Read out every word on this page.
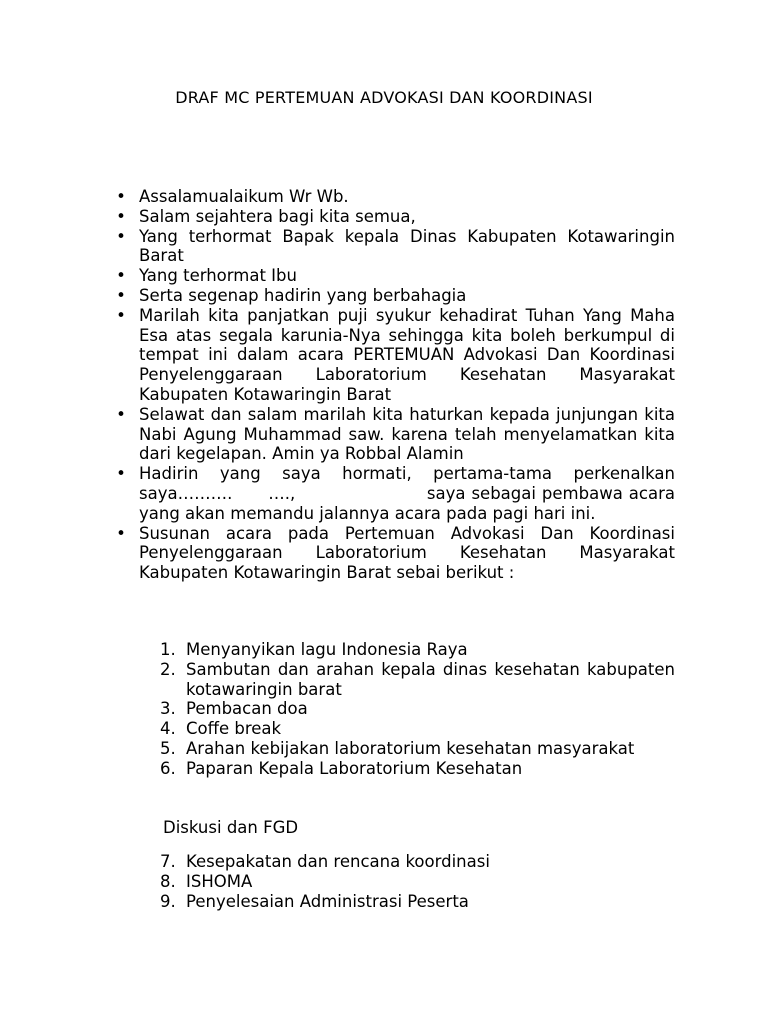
DRAF MC PERTEMUAN ADVOKASI DAN KOORDINASI
• Assalamualaikum Wr Wb.
• Salam sejahtera bagi kita semua,
• Yang terhormat Bapak kepala Dinas Kabupaten Kotawaringin Barat
• Yang terhormat Ibu
• Serta segenap hadirin yang berbahagia
• Marilah kita panjatkan puji syukur kehadirat Tuhan Yang Maha Esa atas segala karunia-Nya sehingga kita boleh berkumpul di tempat ini dalam acara PERTEMUAN Advokasi Dan Koordinasi Penyelenggaraan Laboratorium Kesehatan Masyarakat Kabupaten Kotawaringin Barat
• Selawat dan salam marilah kita haturkan kepada junjungan kita Nabi Agung Muhammad saw. karena telah menyelamatkan kita dari kegelapan. Amin ya Robbal Alamin
• Hadirin yang saya hormati, pertama-tama perkenalkan saya……….      ….,                      saya sebagai pembawa acara yang akan memandu jalannya acara pada pagi hari ini.
• Susunan acara pada Pertemuan Advokasi Dan Koordinasi Penyelenggaraan Laboratorium Kesehatan Masyarakat Kabupaten Kotawaringin Barat sebai berikut :
1. Menyanyikan lagu Indonesia Raya
2. Sambutan dan arahan kepala dinas kesehatan kabupaten kotawaringin barat
3. Pembacan doa
4. Coffe break
5. Arahan kebijakan laboratorium kesehatan masyarakat
6. Paparan Kepala Laboratorium Kesehatan
Diskusi dan FGD
7. Kesepakatan dan rencana koordinasi
8. ISHOMA
9. Penyelesaian Administrasi Peserta
